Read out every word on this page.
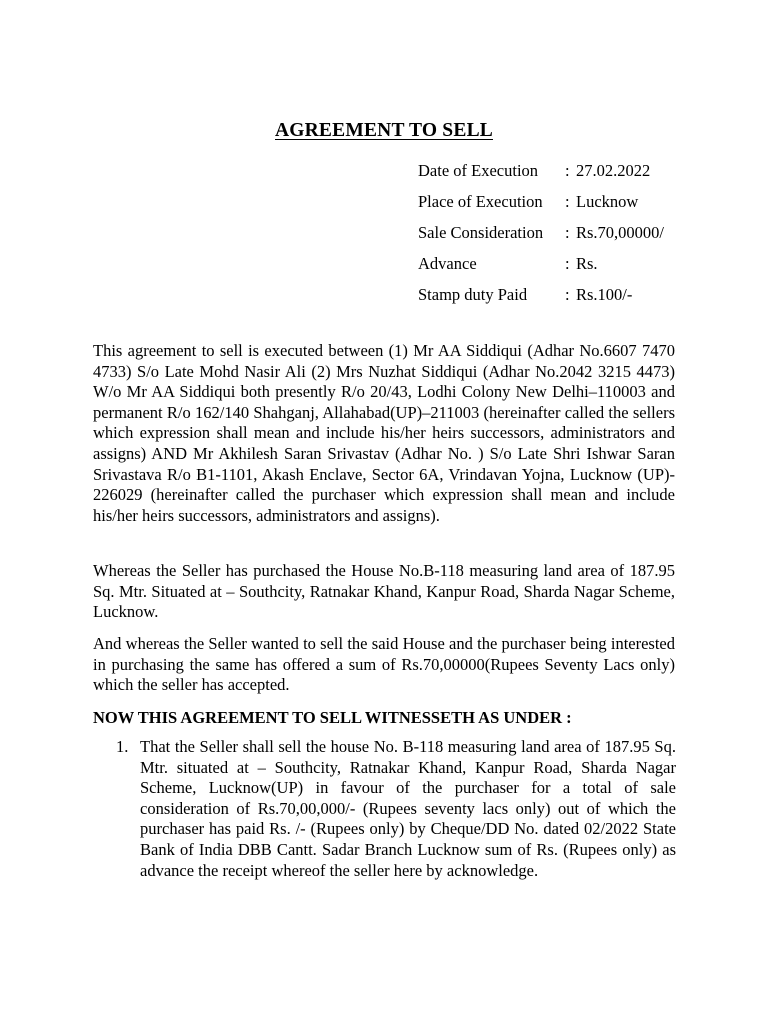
AGREEMENT TO SELL
Date of Execution	: 27.02.2022
Place of Execution	: Lucknow
Sale Consideration	: Rs.70,00000/
Advance	: Rs.
Stamp duty Paid	: Rs.100/-
This agreement to sell is executed between (1) Mr AA Siddiqui (Adhar No.6607 7470 4733) S/o Late Mohd Nasir Ali (2) Mrs Nuzhat Siddiqui (Adhar No.2042 3215 4473) W/o Mr AA Siddiqui both presently R/o 20/43, Lodhi Colony New Delhi–110003 and permanent R/o 162/140 Shahganj, Allahabad(UP)–211003 (hereinafter called the sellers which expression shall mean and include his/her heirs successors, administrators and assigns) AND Mr Akhilesh Saran Srivastav (Adhar No. ) S/o Late Shri Ishwar Saran Srivastava R/o B1-1101, Akash Enclave, Sector 6A, Vrindavan Yojna, Lucknow (UP)- 226029 (hereinafter called the purchaser which expression shall mean and include his/her heirs successors, administrators and assigns).
Whereas the Seller has purchased the House No.B-118 measuring land area of 187.95 Sq. Mtr. Situated at – Southcity, Ratnakar Khand, Kanpur Road, Sharda Nagar Scheme, Lucknow.
And whereas the Seller wanted to sell the said House and the purchaser being interested in purchasing the same has offered a sum of Rs.70,00000(Rupees Seventy Lacs only) which the seller has accepted.
NOW THIS AGREEMENT TO SELL WITNESSETH AS UNDER :
1. That the Seller shall sell the house No. B-118 measuring land area of 187.95 Sq. Mtr. situated at – Southcity, Ratnakar Khand, Kanpur Road, Sharda Nagar Scheme, Lucknow(UP) in favour of the purchaser for a total of sale consideration of Rs.70,00,000/- (Rupees seventy lacs only) out of which the purchaser has paid Rs. /- (Rupees only) by Cheque/DD No. dated 02/2022 State Bank of India DBB Cantt. Sadar Branch Lucknow sum of Rs. (Rupees only) as advance the receipt whereof the seller here by acknowledge.
